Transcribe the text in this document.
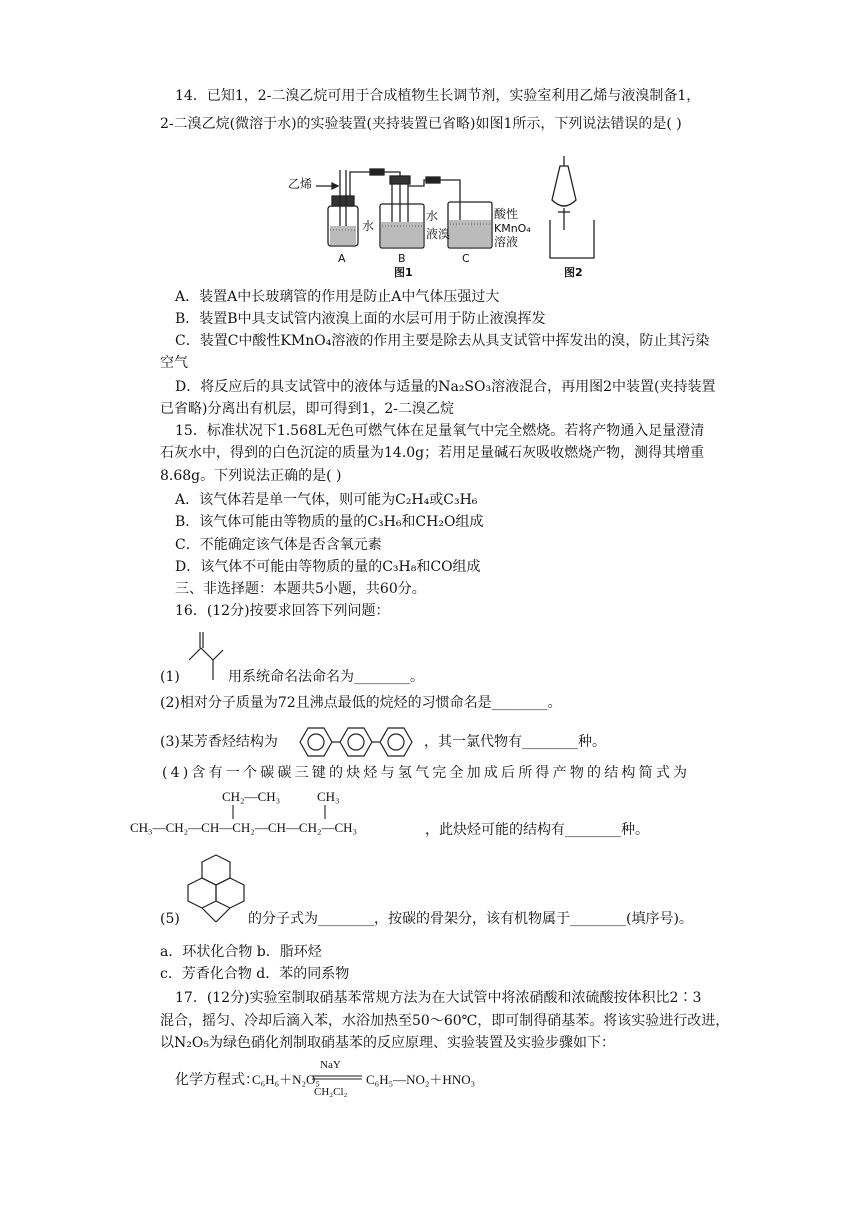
14．已知1，2-二溴乙烷可用于合成植物生长调节剂，实验室利用乙烯与液溴制备1，
2-二溴乙烷(微溶于水)的实验装置(夹持装置已省略)如图1所示，下列说法错误的是( )
乙烯
水
水
液溴
酸性
KMnO₄
溶液
A	B	C
图1	图2
A．装置A中长玻璃管的作用是防止A中气体压强过大
B．装置B中具支试管内液溴上面的水层可用于防止液溴挥发
C．装置C中酸性KMnO₄溶液的作用主要是除去从具支试管中挥发出的溴，防止其污染
空气
D．将反应后的具支试管中的液体与适量的Na₂SO₃溶液混合，再用图2中装置(夹持装置
已省略)分离出有机层，即可得到1，2-二溴乙烷
15．标准状况下1.568L无色可燃气体在足量氧气中完全燃烧。若将产物通入足量澄清
石灰水中，得到的白色沉淀的质量为14.0g；若用足量碱石灰吸收燃烧产物，测得其增重
8.68g。下列说法正确的是( )
A．该气体若是单一气体，则可能为C₂H₄或C₃H₆
B．该气体可能由等物质的量的C₃H₆和CH₂O组成
C．不能确定该气体是否含氧元素
D．该气体不可能由等物质的量的C₃H₈和CO组成
三、非选择题：本题共5小题，共60分。
16．(12分)按要求回答下列问题：
(1)	用系统命名法命名为________。
(2)相对分子质量为72且沸点最低的烷烃的习惯命名是________。
(3)某芳香烃结构为	，其一氯代物有________种。
(4)含有一个碳碳三键的炔烃与氢气完全加成后所得产物的结构简式为
CH₂—CH₃	CH₃
CH₃—CH₂—CH—CH₂—CH—CH₂—CH₃	，此炔烃可能的结构有________种。
(5)	的分子式为________，按碳的骨架分，该有机物属于________(填序号)。
a．环状化合物 b．脂环烃
c．芳香化合物 d．苯的同系物
17．(12分)实验室制取硝基苯常规方法为在大试管中将浓硝酸和浓硫酸按体积比2∶3
混合，摇匀、冷却后滴入苯，水浴加热至50～60℃，即可制得硝基苯。将该实验进行改进，
以N₂O₅为绿色硝化剂制取硝基苯的反应原理、实验装置及实验步骤如下：
化学方程式：
C₆H₆＋N₂O₅
NaY
CH₂Cl₂
C₆H₅—NO₂＋HNO₃
